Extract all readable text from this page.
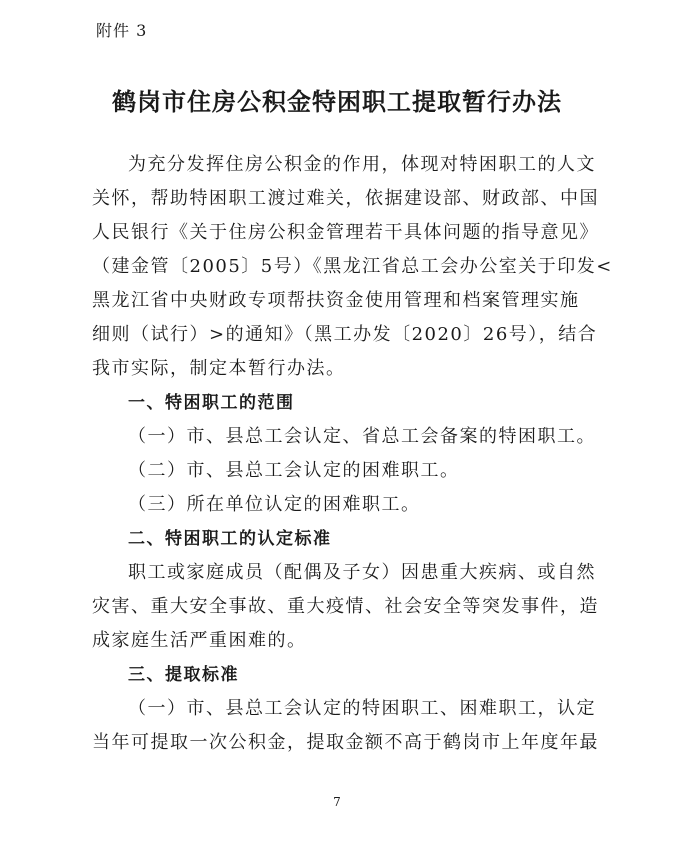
附件 3
鹤岗市住房公积金特困职工提取暂行办法
为充分发挥住房公积金的作用，体现对特困职工的人文
关怀，帮助特困职工渡过难关，依据建设部、财政部、中国
人民银行《关于住房公积金管理若干具体问题的指导意见》
（建金管〔2005〕5号）《黑龙江省总工会办公室关于印发<
黑龙江省中央财政专项帮扶资金使用管理和档案管理实施
细则（试行）>的通知》（黑工办发〔2020〕26号），结合
我市实际，制定本暂行办法。
一、特困职工的范围
（一）市、县总工会认定、省总工会备案的特困职工。
（二）市、县总工会认定的困难职工。
（三）所在单位认定的困难职工。
二、特困职工的认定标准
职工或家庭成员（配偶及子女）因患重大疾病、或自然
灾害、重大安全事故、重大疫情、社会安全等突发事件，造
成家庭生活严重困难的。
三、提取标准
（一）市、县总工会认定的特困职工、困难职工，认定
当年可提取一次公积金，提取金额不高于鹤岗市上年度年最
7
